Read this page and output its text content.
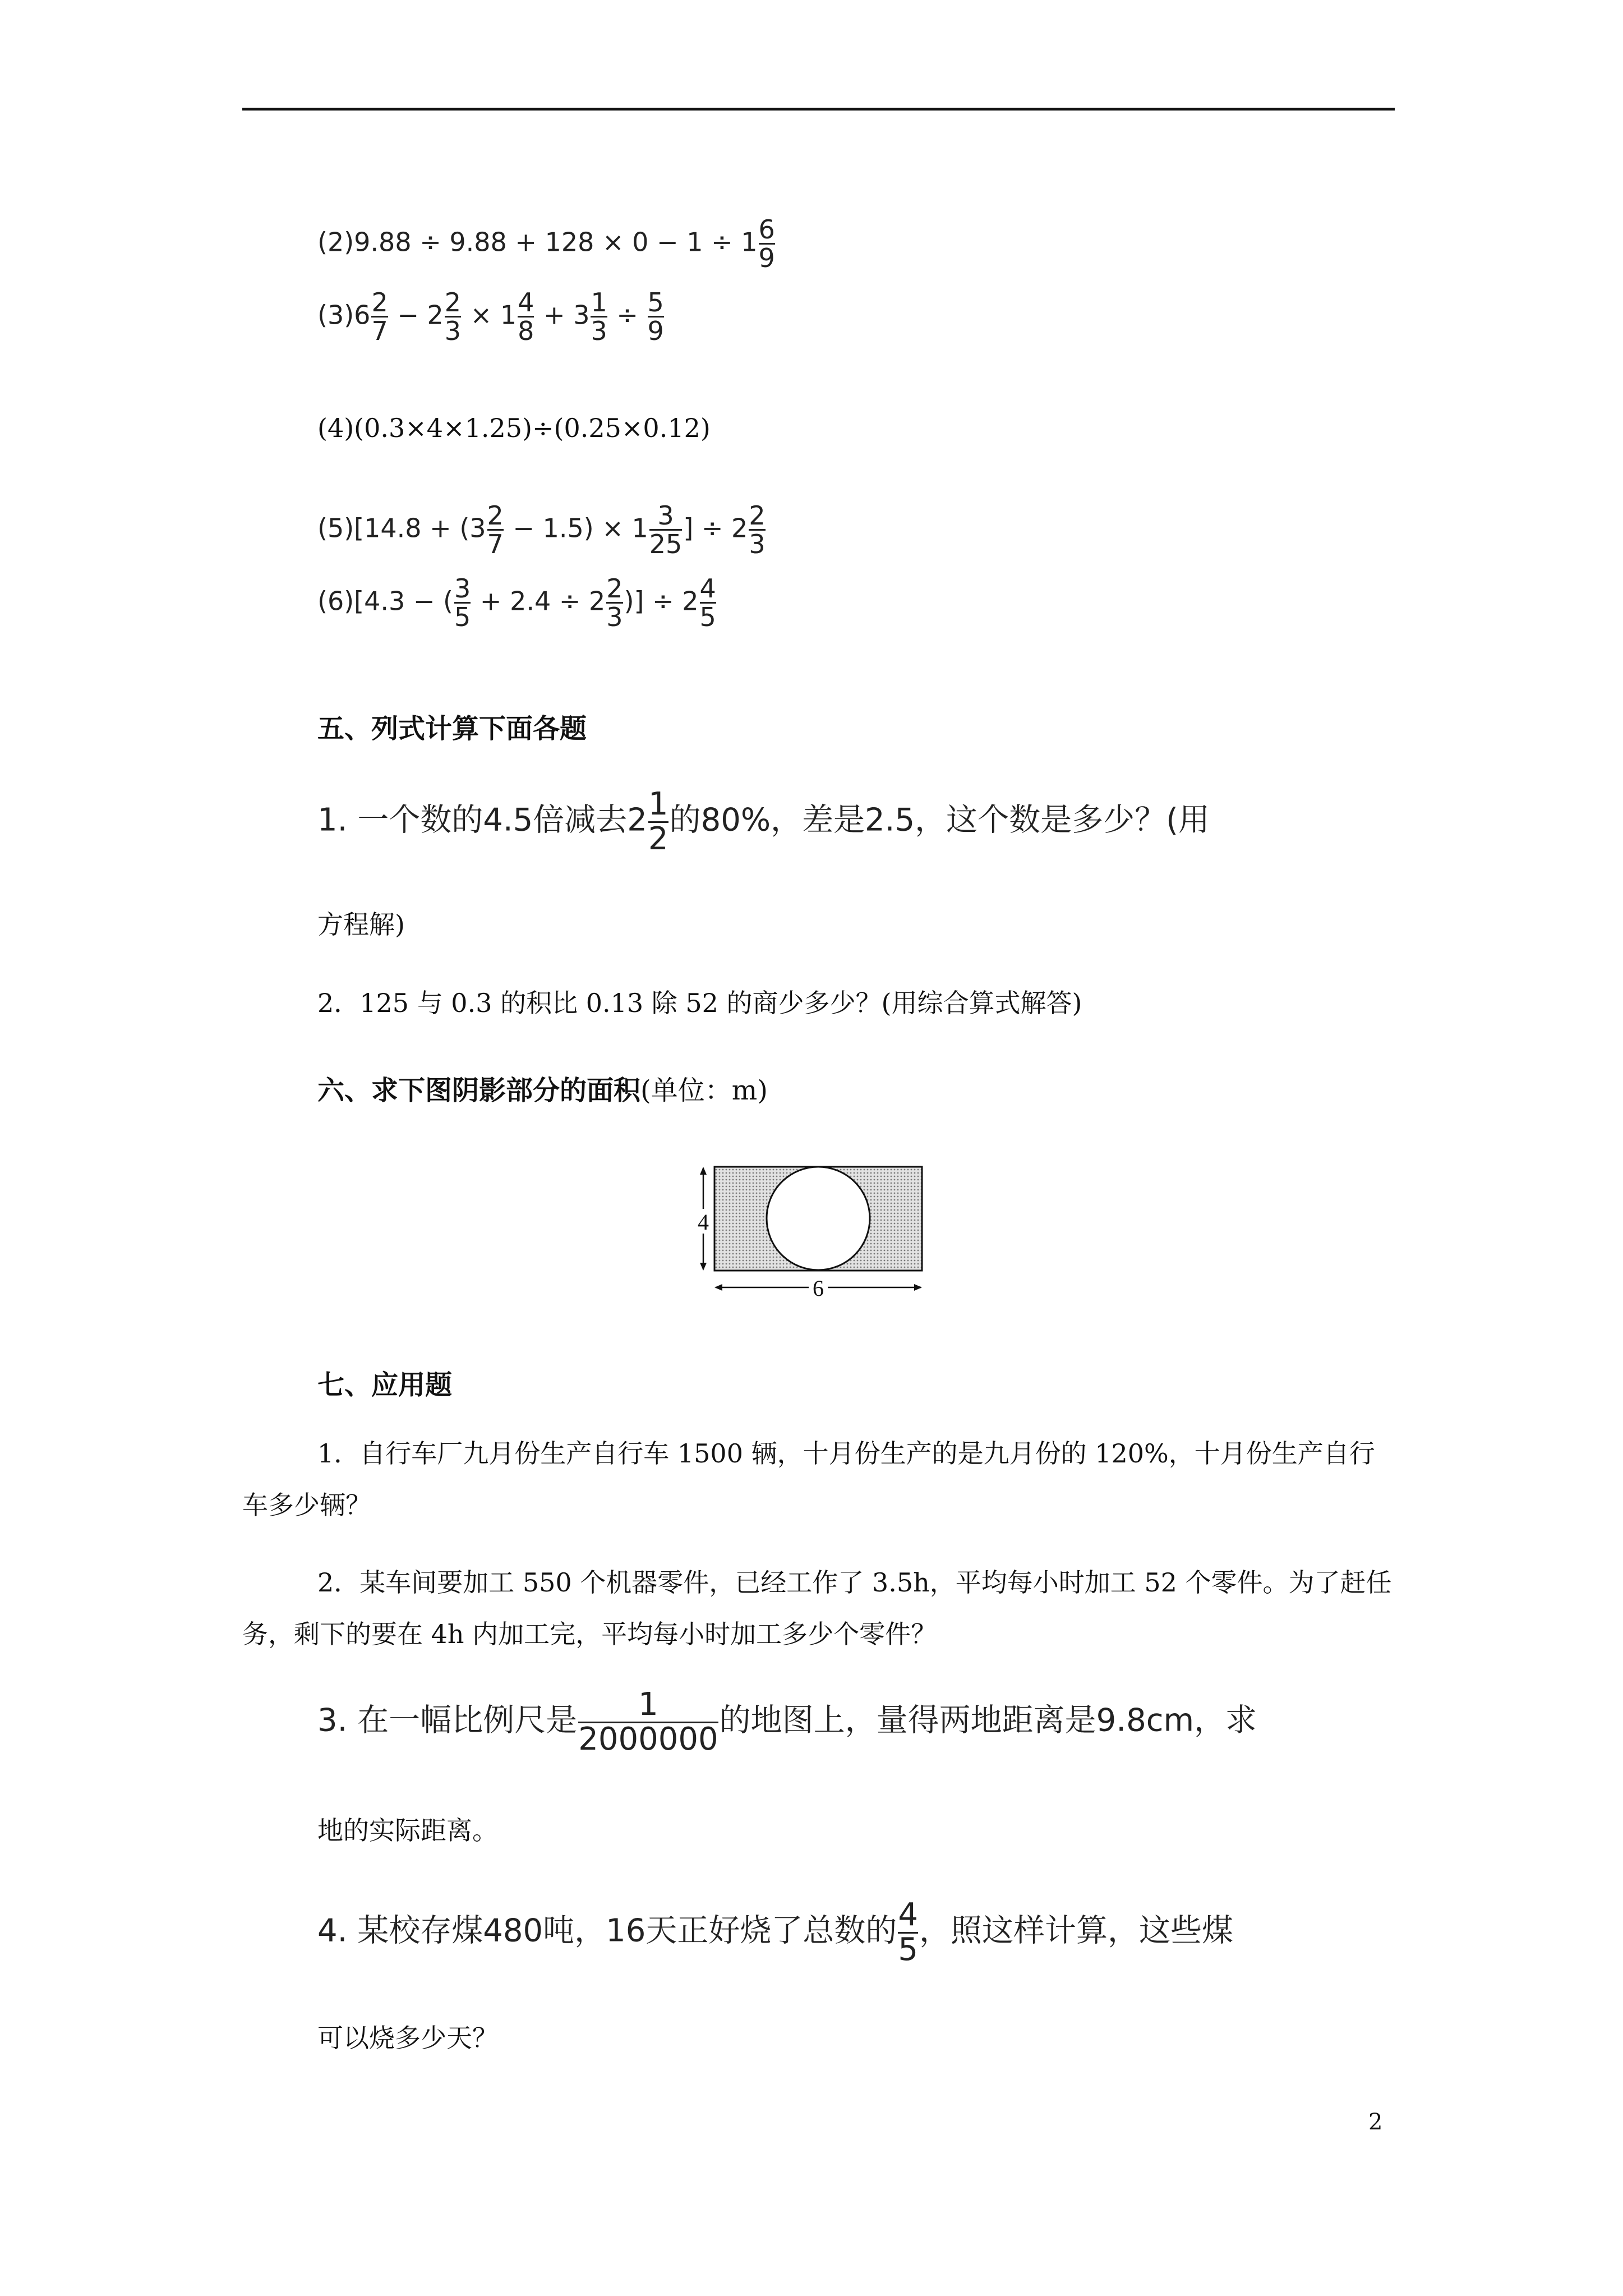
$(2)9.88 \div 9.88 + 128 \times 0 - 1 \div 1 \frac{6}{9}$
$(3)6 \frac{2}{7} - 2 \frac{2}{3} \times 1 \frac{4}{8} + 3 \frac{1}{3} \div \frac{5}{9}$
(4)(0.3×4×1.25)÷(0.25×0.12)
$(5)[14.8 + (3 \frac{2}{7} - 1.5) \times 1 \frac{3}{25}$ ] ÷ $2 \frac{2}{3}$
(6)[4.3 − ( $\frac{3}{5} + 2.4 \div 2 \frac{2}{3}$ )] ÷ $2 \frac{4}{5}$
五、列式计算下面各题
1. 一个数的4.5倍减去$2 \frac{1}{2}$ 的80%，差是2.5，这个数是多少？(用
方程解)
2．125 与 0.3 的积比 0.13 除 52 的商少多少？(用综合算式解答)
六、求下图阴影部分的面积(单位：m)
4
6
七、应用题
1．自行车厂九月份生产自行车 1500 辆，十月份生产的是九月份的 120%，十月份生产自行车多少辆？
2．某车间要加工 550 个机器零件，已经工作了 3.5h，平均每小时加工 52 个零件。为了赶任务，剩下的要在 4h 内加工完，平均每小时加工多少个零件？
3. 在一幅比例尺是 $\frac{1}{2000000}$ 的地图上，量得两地距离是9.8cm，求
地的实际距离。
4. 某校存煤480吨，16天正好烧了总数的 $\frac{4}{5}$ ，照这样计算，这些煤
可以烧多少天？
2
